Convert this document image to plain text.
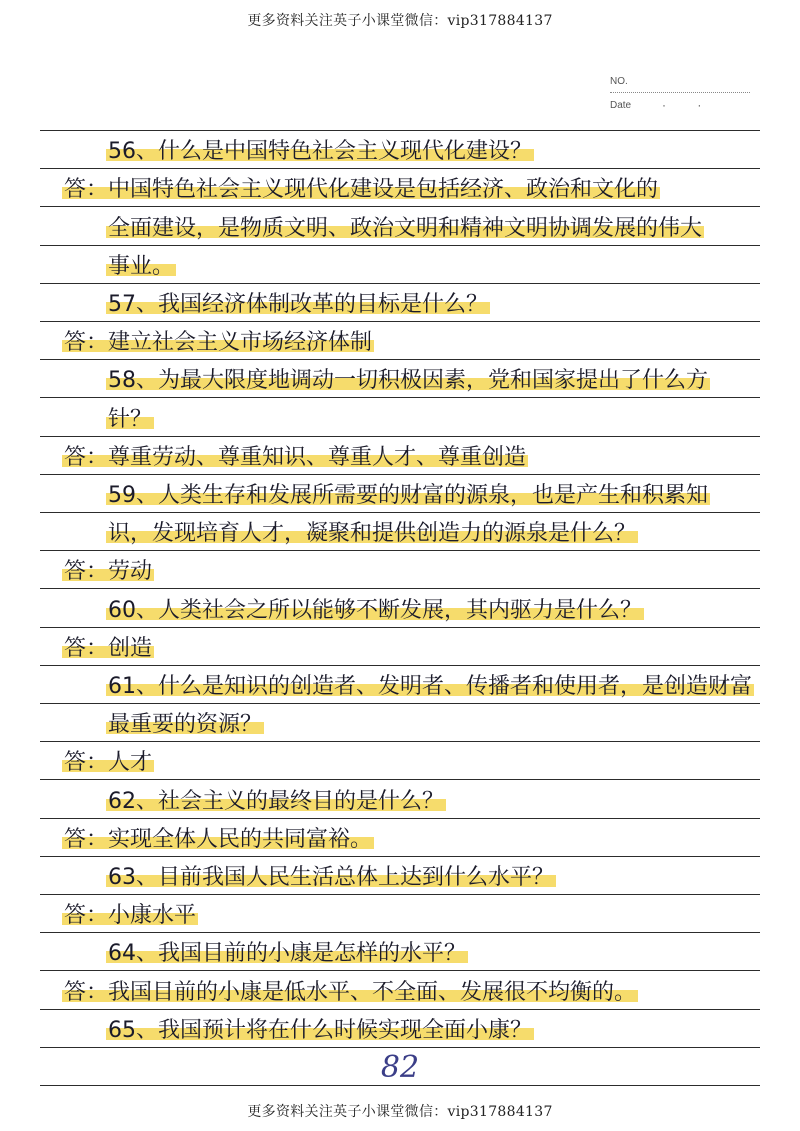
更多资料关注英子小课堂微信：vip317884137
NO.
Date	· ·
56、什么是中国特色社会主义现代化建设？
答：中国特色社会主义现代化建设是包括经济、政治和文化的
全面建设，是物质文明、政治文明和精神文明协调发展的伟大
事业。
57、我国经济体制改革的目标是什么？
答：建立社会主义市场经济体制
58、为最大限度地调动一切积极因素，党和国家提出了什么方
针？
答：尊重劳动、尊重知识、尊重人才、尊重创造
59、人类生存和发展所需要的财富的源泉，也是产生和积累知
识，发现培育人才，凝聚和提供创造力的源泉是什么？
答：劳动
60、人类社会之所以能够不断发展，其内驱力是什么？
答：创造
61、什么是知识的创造者、发明者、传播者和使用者，是创造财富
最重要的资源？
答：人才
62、社会主义的最终目的是什么？
答：实现全体人民的共同富裕。
63、目前我国人民生活总体上达到什么水平？
答：小康水平
64、我国目前的小康是怎样的水平？
答：我国目前的小康是低水平、不全面、发展很不均衡的。
65、我国预计将在什么时候实现全面小康？
82
更多资料关注英子小课堂微信：vip317884137
